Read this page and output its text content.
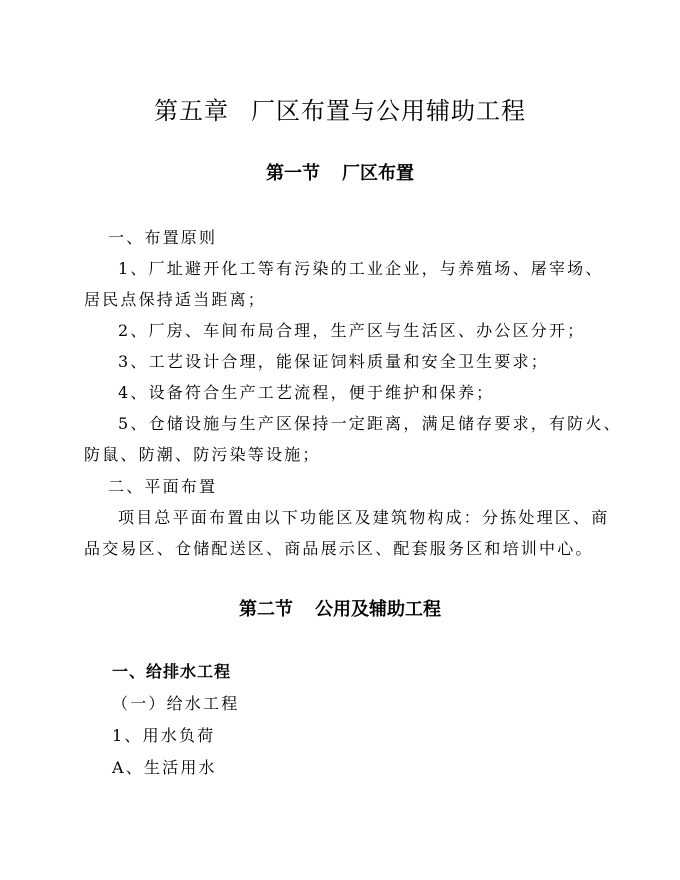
第五章 厂区布置与公用辅助工程
第一节 厂区布置
一、布置原则
1、厂址避开化工等有污染的工业企业，与养殖场、屠宰场、
居民点保持适当距离；
2、厂房、车间布局合理，生产区与生活区、办公区分开；
3、工艺设计合理，能保证饲料质量和安全卫生要求；
4、设备符合生产工艺流程，便于维护和保养；
5、仓储设施与生产区保持一定距离，满足储存要求，有防火、
防鼠、防潮、防污染等设施；
二、平面布置
项目总平面布置由以下功能区及建筑物构成：分拣处理区、商
品交易区、仓储配送区、商品展示区、配套服务区和培训中心。
第二节 公用及辅助工程
一、给排水工程
（一）给水工程
1、用水负荷
A、生活用水
